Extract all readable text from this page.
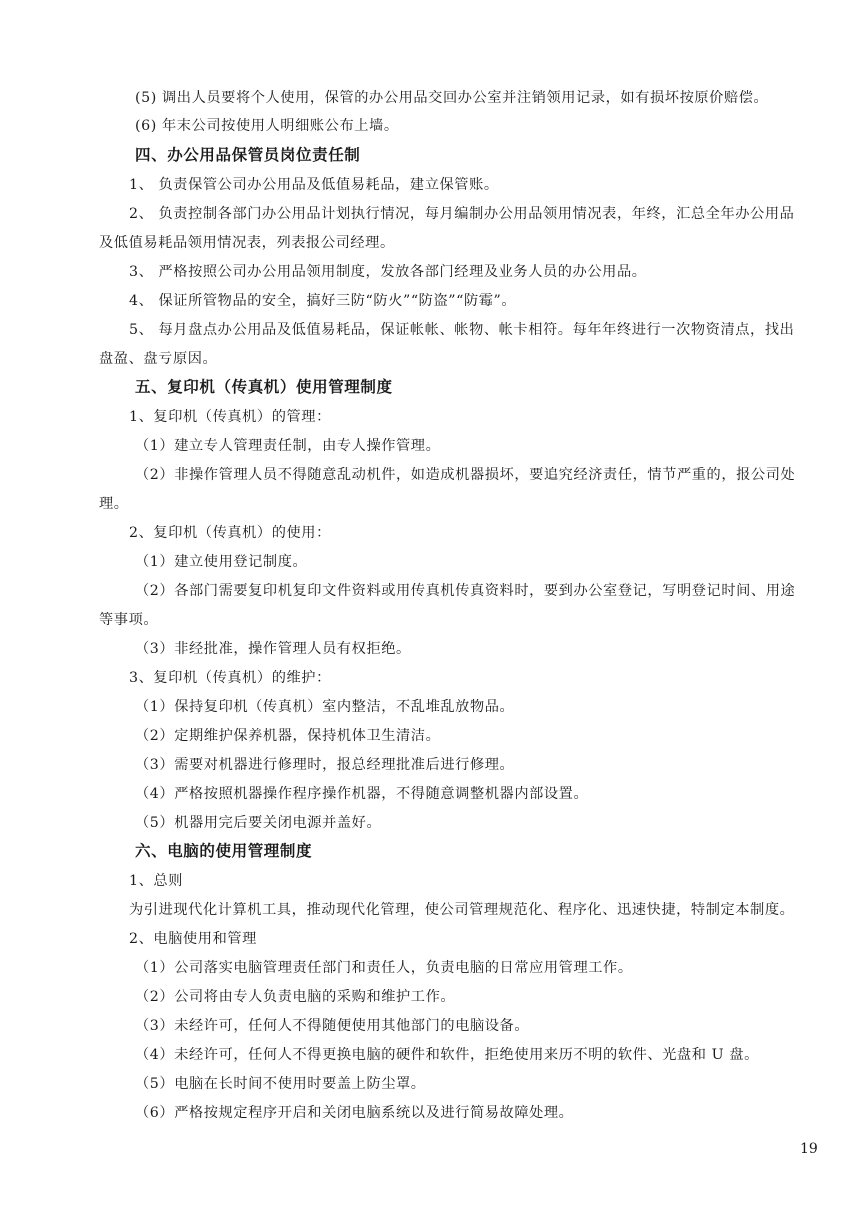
(5) 调出人员要将个人使用，保管的办公用品交回办公室并注销领用记录，如有损坏按原价赔偿。
(6) 年末公司按使用人明细账公布上墙。
四、办公用品保管员岗位责任制
1、 负责保管公司办公用品及低值易耗品，建立保管账。
2、 负责控制各部门办公用品计划执行情况，每月编制办公用品领用情况表，年终，汇总全年办公用品
及低值易耗品领用情况表，列表报公司经理。
3、 严格按照公司办公用品领用制度，发放各部门经理及业务人员的办公用品。
4、 保证所管物品的安全，搞好三防“防火”“防盗”“防霉”。
5、 每月盘点办公用品及低值易耗品，保证帐帐、帐物、帐卡相符。每年年终进行一次物资清点，找出
盘盈、盘亏原因。
五、复印机（传真机）使用管理制度
1、复印机（传真机）的管理：
（1）建立专人管理责任制，由专人操作管理。
（2）非操作管理人员不得随意乱动机件，如造成机器损坏，要追究经济责任，情节严重的，报公司处
理。
2、复印机（传真机）的使用：
（1）建立使用登记制度。
（2）各部门需要复印机复印文件资料或用传真机传真资料时，要到办公室登记，写明登记时间、用途
等事项。
（3）非经批准，操作管理人员有权拒绝。
3、复印机（传真机）的维护：
（1）保持复印机（传真机）室内整洁，不乱堆乱放物品。
（2）定期维护保养机器，保持机体卫生清洁。
（3）需要对机器进行修理时，报总经理批准后进行修理。
（4）严格按照机器操作程序操作机器，不得随意调整机器内部设置。
（5）机器用完后要关闭电源并盖好。
六、电脑的使用管理制度
1、总则
为引进现代化计算机工具，推动现代化管理，使公司管理规范化、程序化、迅速快捷，特制定本制度。
2、电脑使用和管理
（1）公司落实电脑管理责任部门和责任人，负责电脑的日常应用管理工作。
（2）公司将由专人负责电脑的采购和维护工作。
（3）未经许可，任何人不得随便使用其他部门的电脑设备。
（4）未经许可，任何人不得更换电脑的硬件和软件，拒绝使用来历不明的软件、光盘和 U 盘。
（5）电脑在长时间不使用时要盖上防尘罩。
（6）严格按规定程序开启和关闭电脑系统以及进行简易故障处理。
19
